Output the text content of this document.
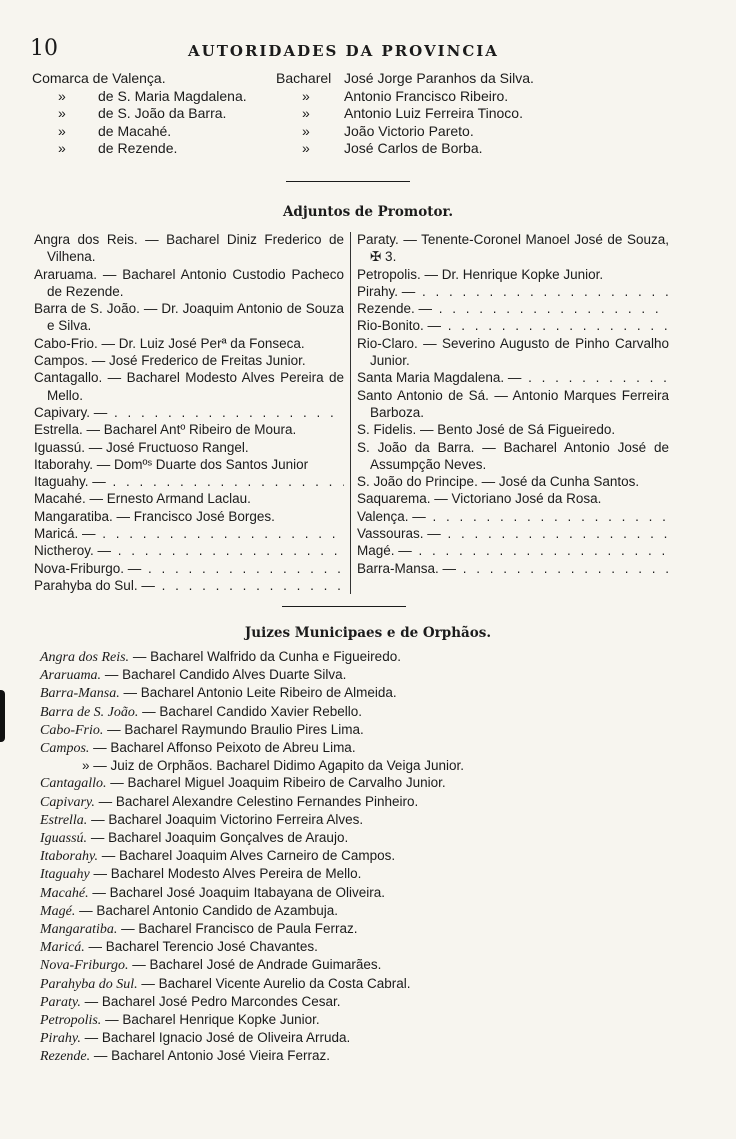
10	AUTORIDADES DA PROVINCIA
Comarca de Valença.	Bacharel José Jorge Paranhos da Silva.
» de S. Maria Magdalena.	» Antonio Francisco Ribeiro.
» de S. João da Barra.	» Antonio Luiz Ferreira Tinoco.
» de Macahé.	» João Victorio Pareto.
» de Rezende.	» José Carlos de Borba.
Adjuntos de Promotor.
Angra dos Reis. — Bacharel Diniz Frederico de Vilhena.
Araruama. — Bacharel Antonio Custodio Pacheco de Rezende.
Barra de S. João. — Dr. Joaquim Antonio de Souza e Silva.
Cabo-Frio. — Dr. Luiz José Perª da Fonseca.
Campos. — José Frederico de Freitas Junior.
Cantagallo. — Bacharel Modesto Alves Pereira de Mello.
Capivary. — . . .
Estrella. — Bacharel Antº Ribeiro de Moura.
Iguassú. — José Fructuoso Rangel.
Itaborahy. — Domºˢ Duarte dos Santos Junior
Itaguahy. — . . .
Macahé. — Ernesto Armand Laclau.
Mangaratiba. — Francisco José Borges.
Maricá. — . . .
Nictheroy. — . . .
Nova-Friburgo. — . . .
Parahyba do Sul. — . . .
Paraty. — Tenente-Coronel Manoel José de Souza, ✠ 3.
Petropolis. — Dr. Henrique Kopke Junior.
Pirahy. — . . .
Rezende. — . . .
Rio-Bonito. — . . .
Rio-Claro. — Severino Augusto de Pinho Carvalho Junior.
Santa Maria Magdalena. — . . .
Santo Antonio de Sá. — Antonio Marques Ferreira Barboza.
S. Fidelis. — Bento José de Sá Figueiredo.
S. João da Barra. — Bacharel Antonio José de Assumpção Neves.
S. João do Principe. — José da Cunha Santos.
Saquarema. — Victoriano José da Rosa.
Valença. — . . .
Vassouras. — . . .
Magé. — . . .
Barra-Mansa. — . . .
Juizes Municipaes e de Orphãos.
Angra dos Reis. — Bacharel Walfrido da Cunha e Figueiredo.
Araruama. — Bacharel Candido Alves Duarte Silva.
Barra-Mansa. — Bacharel Antonio Leite Ribeiro de Almeida.
Barra de S. João. — Bacharel Candido Xavier Rebello.
Cabo-Frio. — Bacharel Raymundo Braulio Pires Lima.
Campos. — Bacharel Affonso Peixoto de Abreu Lima.
» — Juiz de Orphãos. Bacharel Didimo Agapito da Veiga Junior.
Cantagallo. — Bacharel Miguel Joaquim Ribeiro de Carvalho Junior.
Capivary. — Bacharel Alexandre Celestino Fernandes Pinheiro.
Estrella. — Bacharel Joaquim Victorino Ferreira Alves.
Iguassú. — Bacharel Joaquim Gonçalves de Araujo.
Itaborahy. — Bacharel Joaquim Alves Carneiro de Campos.
Itaguahy — Bacharel Modesto Alves Pereira de Mello.
Macahé. — Bacharel José Joaquim Itabayana de Oliveira.
Magé. — Bacharel Antonio Candido de Azambuja.
Mangaratiba. — Bacharel Francisco de Paula Ferraz.
Maricá. — Bacharel Terencio José Chavantes.
Nova-Friburgo. — Bacharel José de Andrade Guimarães.
Parahyba do Sul. — Bacharel Vicente Aurelio da Costa Cabral.
Paraty. — Bacharel José Pedro Marcondes Cesar.
Petropolis. — Bacharel Henrique Kopke Junior.
Pirahy. — Bacharel Ignacio José de Oliveira Arruda.
Rezende. — Bacharel Antonio José Vieira Ferraz.
